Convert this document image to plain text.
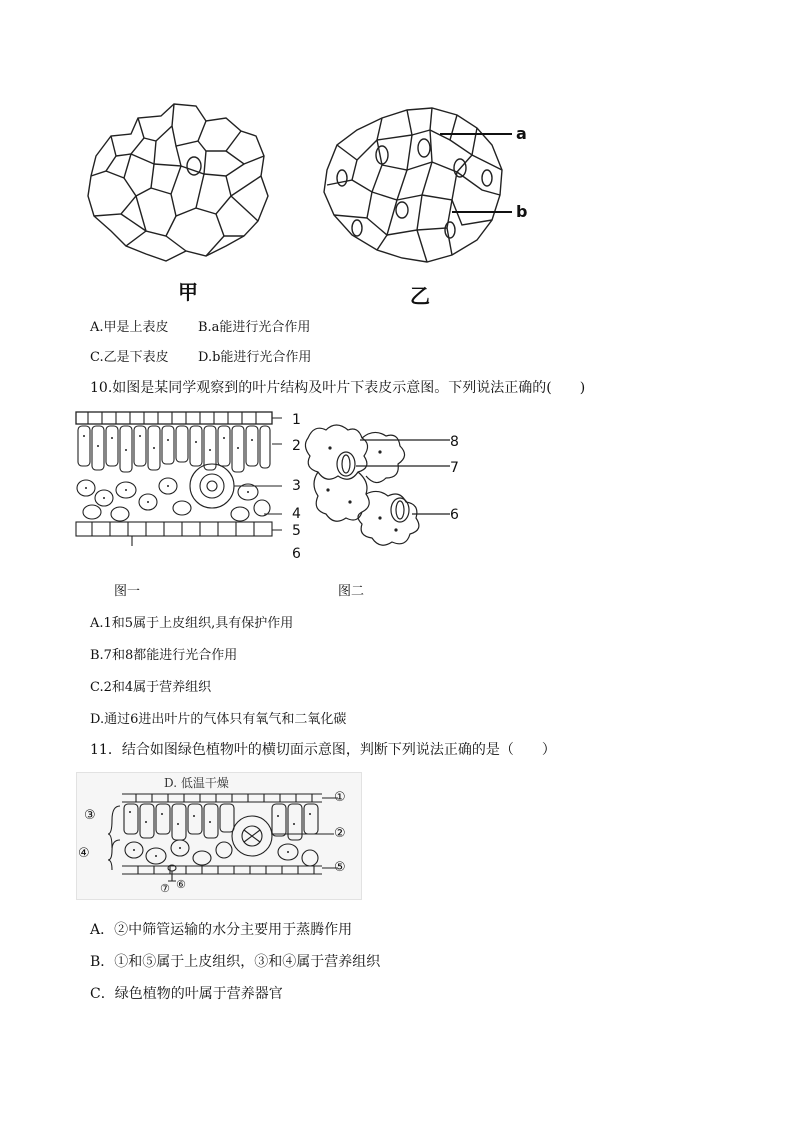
甲
a
b
乙
A.甲是上表皮 B.a能进行光合作用
C.乙是下表皮 D.b能进行光合作用
10.如图是某同学观察到的叶片结构及叶片下表皮示意图。下列说法正确的(　　)
1
2
3
4
5
6
8
7
6
图一	图二
A.1和5属于上皮组织,具有保护作用
B.7和8都能进行光合作用
C.2和4属于营养组织
D.通过6进出叶片的气体只有氧气和二氧化碳
11．结合如图绿色植物叶的横切面示意图，判断下列说法正确的是（　　）
D. 低温干燥
①
②
③
④
⑤
⑥
⑦
A．②中筛管运输的水分主要用于蒸腾作用
B．①和⑤属于上皮组织，③和④属于营养组织
C．绿色植物的叶属于营养器官
